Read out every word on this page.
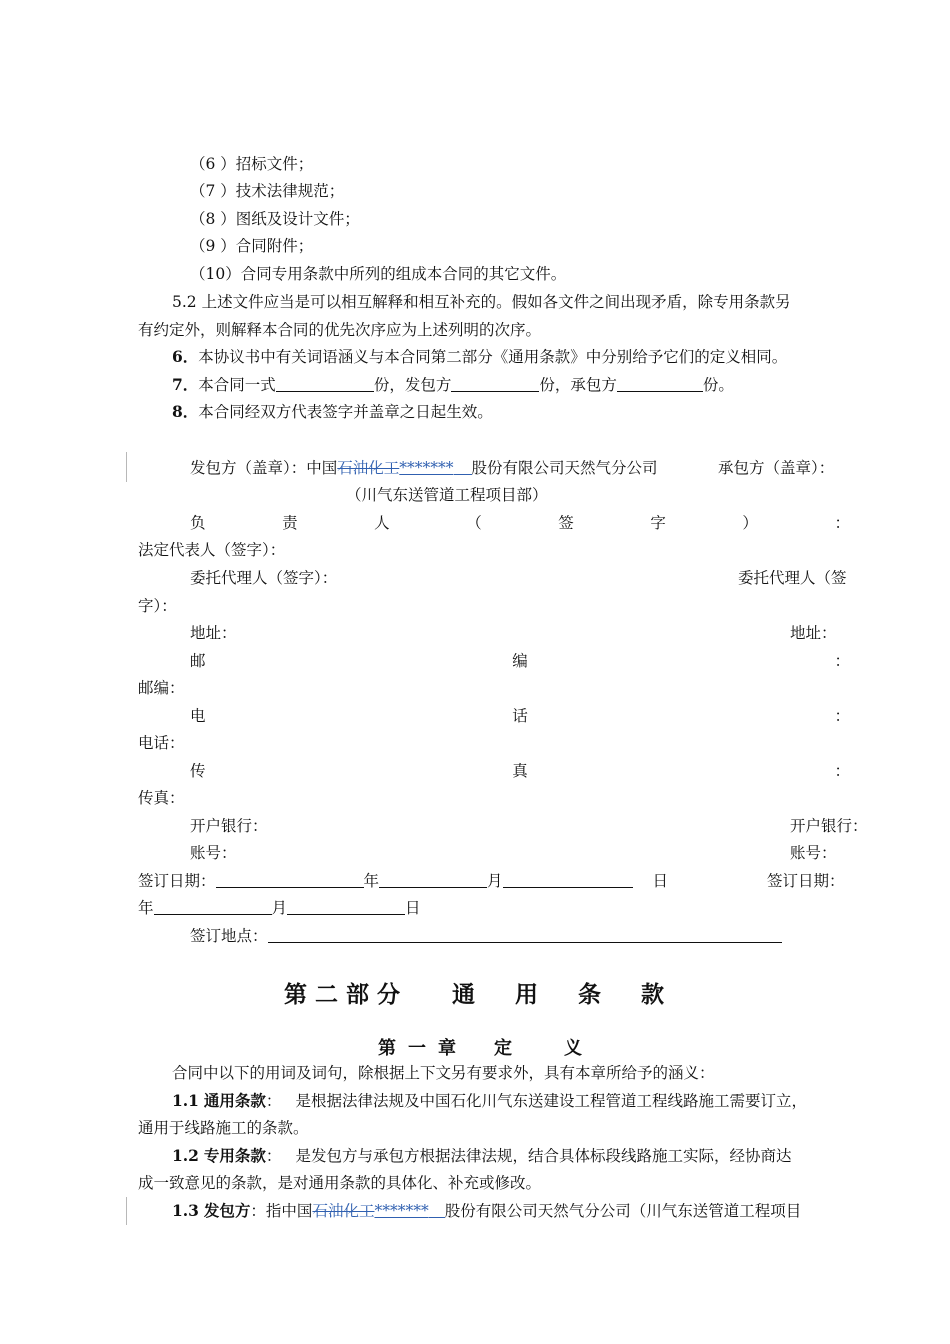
（6 ）招标文件；
（7 ）技术法律规范；
（8 ）图纸及设计文件；
（9 ）合同附件；
（10）合同专用条款中所列的组成本合同的其它文件。
5.2 上述文件应当是可以相互解释和相互补充的。假如各文件之间出现矛盾，除专用条款另
有约定外，则解释本合同的优先次序应为上述列明的次序。
6．本协议书中有关词语涵义与本合同第二部分《通用条款》中分别给予它们的定义相同。
7．本合同一式	份，发包方	份，承包方	份。
8．本合同经双方代表签字并盖章之日起生效。
发包方（盖章）：中国石油化工******* 股份有限公司天然气分公司	承包方（盖章）：
（川气东送管道工程项目部）
负	责	人	（	签	字	）	：
法定代表人（签字）：
委托代理人（签字）：	委托代理人（签
字）：
地址：	地址：
邮	编	：
邮编：
电	话	：
电话：
传	真	：
传真：
开户银行：	开户银行：
账号：	账号：
签订日期：	年	月	日	签订日期：
年	月	日
签订地点：
第 二 部 分 通 用 条 款
第 一 章 定	义
合同中以下的用词及词句，除根据上下文另有要求外，具有本章所给予的涵义：
1.1 通用条款： 是根据法律法规及中国石化川气东送建设工程管道工程线路施工需要订立，
通用于线路施工的条款。
1.2 专用条款： 是发包方与承包方根据法律法规，结合具体标段线路施工实际，经协商达
成一致意见的条款，是对通用条款的具体化、补充或修改。
1.3 发包方：指中国石油化工******* 股份有限公司天然气分公司（川气东送管道工程项目
